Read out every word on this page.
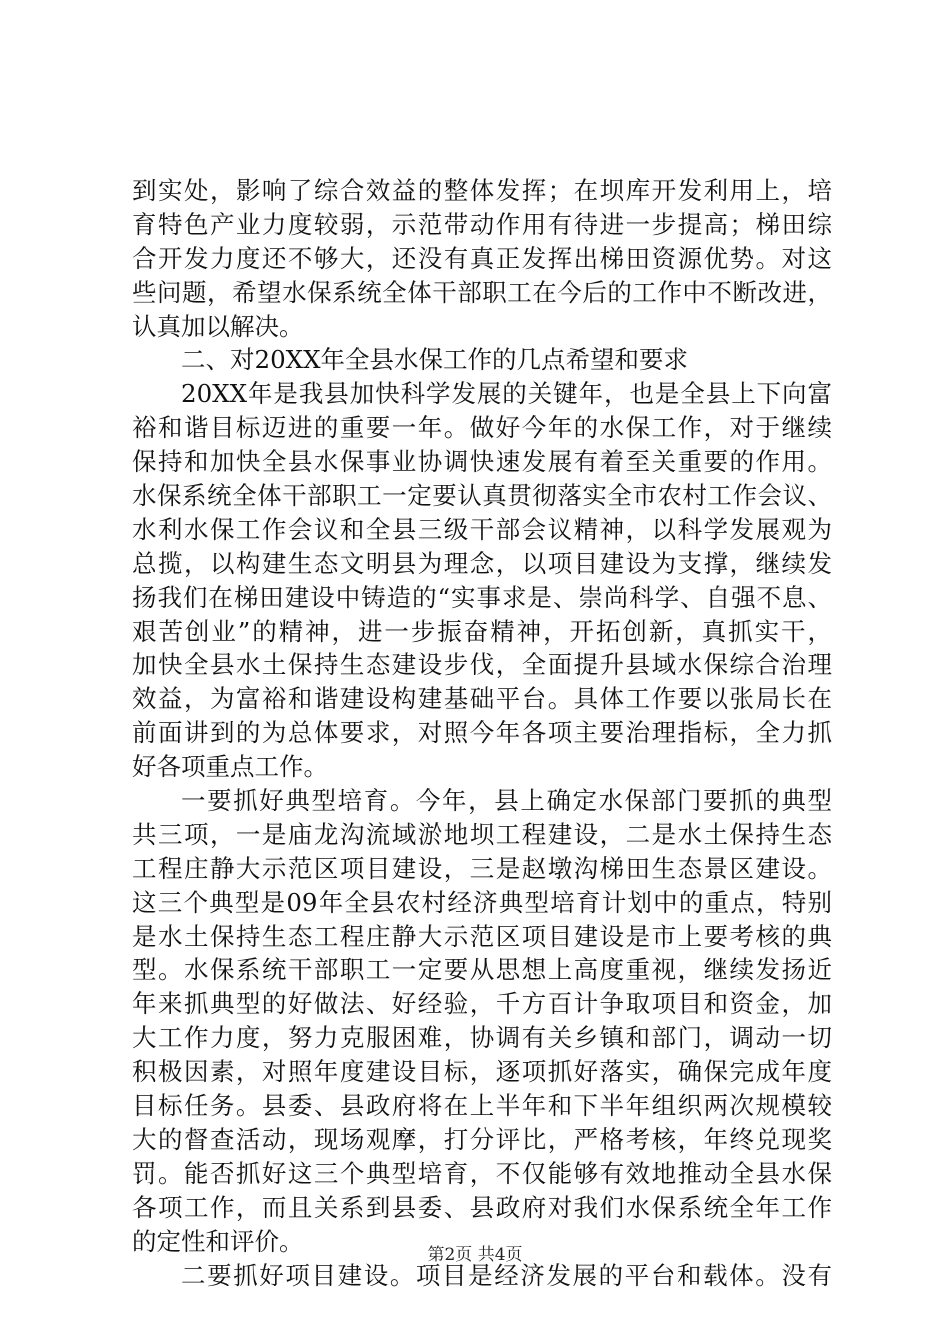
到实处，影响了综合效益的整体发挥；在坝库开发利用上，培
育特色产业力度较弱，示范带动作用有待进一步提高；梯田综
合开发力度还不够大，还没有真正发挥出梯田资源优势。对这
些问题，希望水保系统全体干部职工在今后的工作中不断改进，
认真加以解决。
二、对20XX年全县水保工作的几点希望和要求
20XX年是我县加快科学发展的关键年，也是全县上下向富
裕和谐目标迈进的重要一年。做好今年的水保工作，对于继续
保持和加快全县水保事业协调快速发展有着至关重要的作用。
水保系统全体干部职工一定要认真贯彻落实全市农村工作会议、
水利水保工作会议和全县三级干部会议精神，以科学发展观为
总揽，以构建生态文明县为理念，以项目建设为支撑，继续发
扬我们在梯田建设中铸造的“实事求是、崇尚科学、自强不息、
艰苦创业”的精神，进一步振奋精神，开拓创新，真抓实干，
加快全县水土保持生态建设步伐，全面提升县域水保综合治理
效益，为富裕和谐建设构建基础平台。具体工作要以张局长在
前面讲到的为总体要求，对照今年各项主要治理指标，全力抓
好各项重点工作。
一要抓好典型培育。今年，县上确定水保部门要抓的典型
共三项，一是庙龙沟流域淤地坝工程建设，二是水土保持生态
工程庄静大示范区项目建设，三是赵墩沟梯田生态景区建设。
这三个典型是09年全县农村经济典型培育计划中的重点，特别
是水土保持生态工程庄静大示范区项目建设是市上要考核的典
型。水保系统干部职工一定要从思想上高度重视，继续发扬近
年来抓典型的好做法、好经验，千方百计争取项目和资金，加
大工作力度，努力克服困难，协调有关乡镇和部门，调动一切
积极因素，对照年度建设目标，逐项抓好落实，确保完成年度
目标任务。县委、县政府将在上半年和下半年组织两次规模较
大的督查活动，现场观摩，打分评比，严格考核，年终兑现奖
罚。能否抓好这三个典型培育，不仅能够有效地推动全县水保
各项工作，而且关系到县委、县政府对我们水保系统全年工作
的定性和评价。
二要抓好项目建设。项目是经济发展的平台和载体。没有
第2页 共4页
